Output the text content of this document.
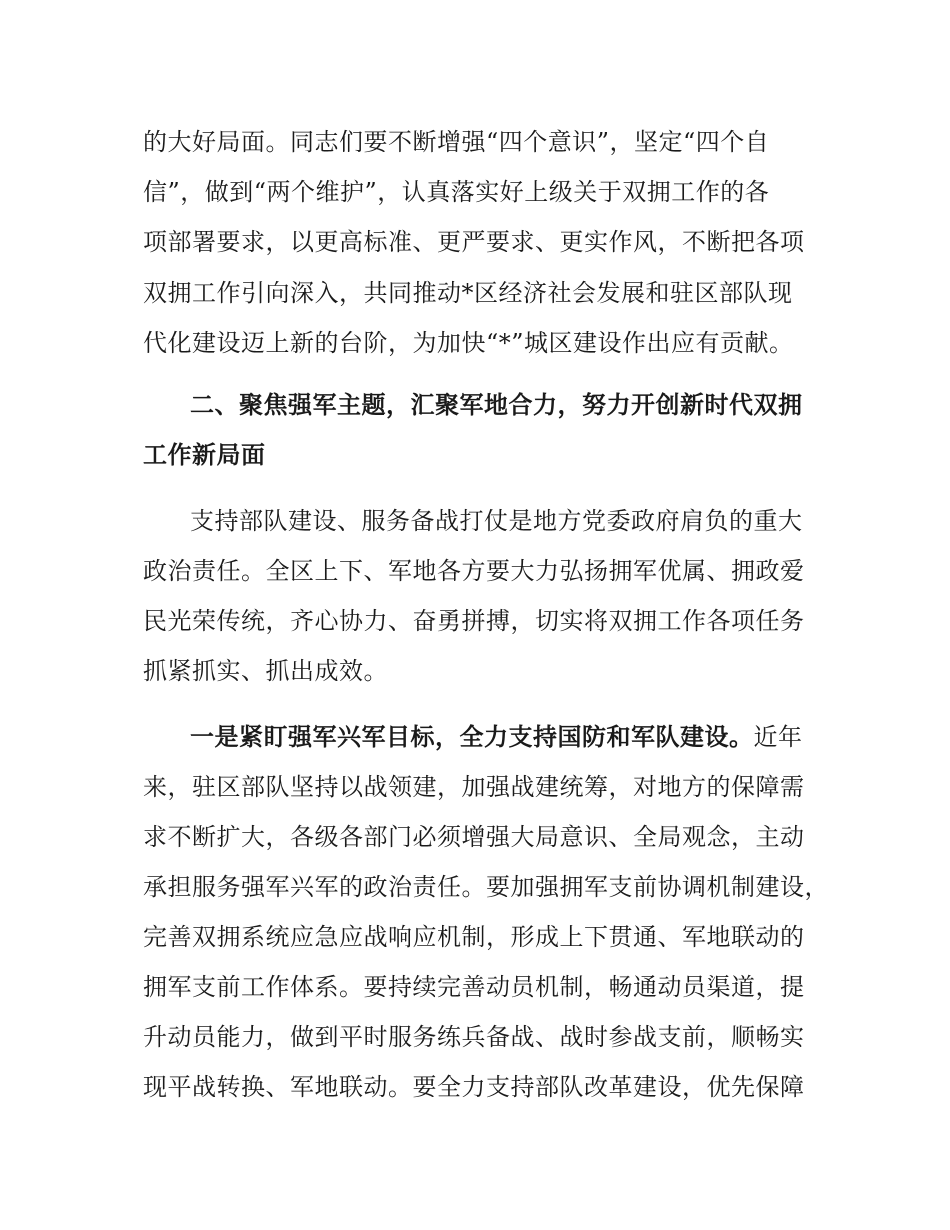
的大好局面。同志们要不断增强“四个意识”，坚定“四个自
信”，做到“两个维护”，认真落实好上级关于双拥工作的各
项部署要求，以更高标准、更严要求、更实作风，不断把各项
双拥工作引向深入，共同推动*区经济社会发展和驻区部队现
代化建设迈上新的台阶，为加快“*”城区建设作出应有贡献。
二、聚焦强军主题，汇聚军地合力，努力开创新时代双拥
工作新局面
支持部队建设、服务备战打仗是地方党委政府肩负的重大
政治责任。全区上下、军地各方要大力弘扬拥军优属、拥政爱
民光荣传统，齐心协力、奋勇拼搏，切实将双拥工作各项任务
抓紧抓实、抓出成效。
一是紧盯强军兴军目标，全力支持国防和军队建设。近年
来，驻区部队坚持以战领建，加强战建统筹，对地方的保障需
求不断扩大，各级各部门必须增强大局意识、全局观念，主动
承担服务强军兴军的政治责任。要加强拥军支前协调机制建设，
完善双拥系统应急应战响应机制，形成上下贯通、军地联动的
拥军支前工作体系。要持续完善动员机制，畅通动员渠道，提
升动员能力，做到平时服务练兵备战、战时参战支前，顺畅实
现平战转换、军地联动。要全力支持部队改革建设，优先保障
